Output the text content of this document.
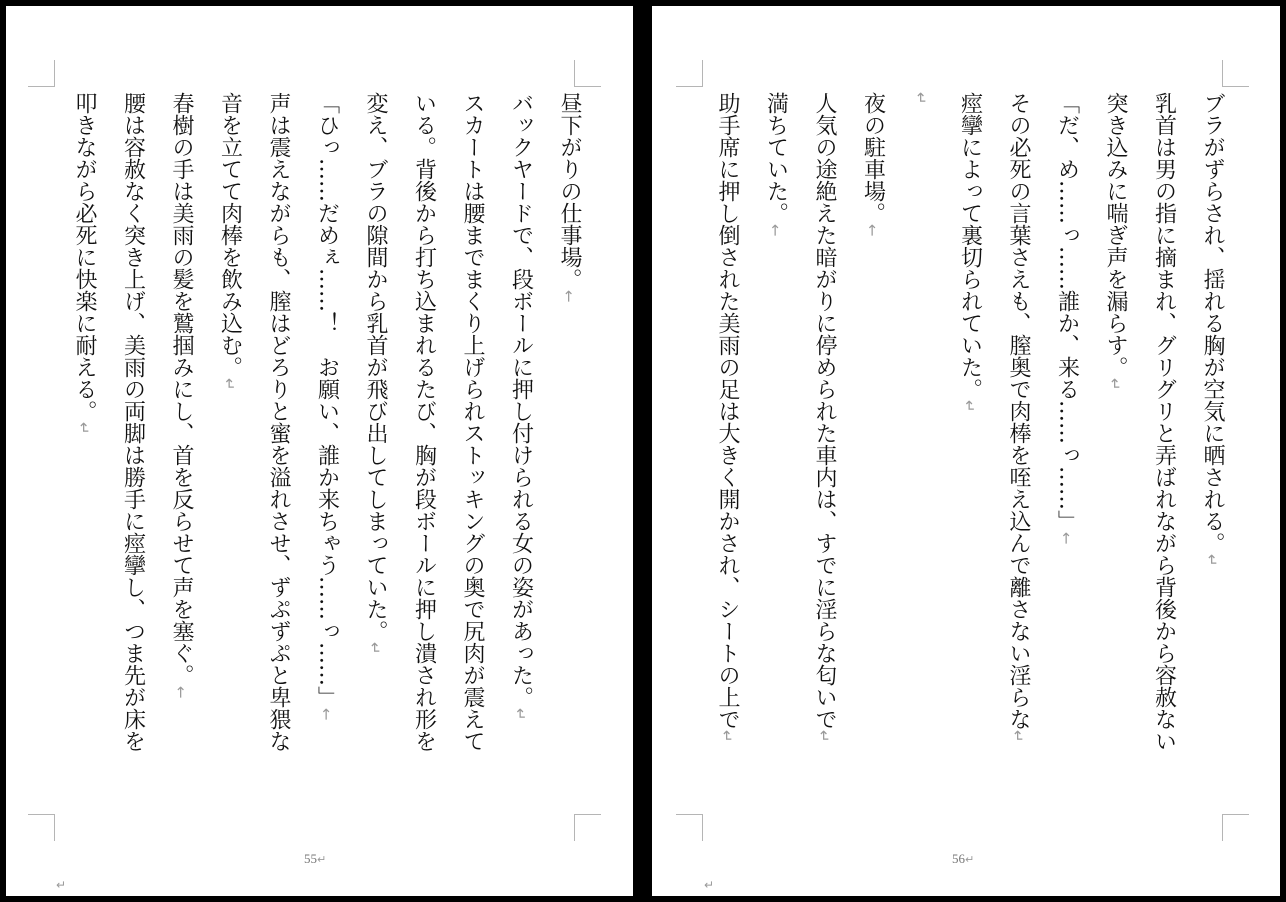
昼下がりの仕事場。←
バックヤードで、段ボールに押し付けられる女の姿があった。↵
スカートは腰までまくり上げられストッキングの奥で尻肉が震えて
いる。背後から打ち込まれるたび、胸が段ボールに押し潰され形を
変え、ブラの隙間から乳首が飛び出してしまっていた。↵
「ひっ……だめぇ……！　お願い、誰か来ちゃう……っ……」←
声は震えながらも、膣はどろりと蜜を溢れさせ、ずぷずぷと卑猥な
音を立てて肉棒を飲み込む。↵
春樹の手は美雨の髪を鷲掴みにし、首を反らせて声を塞ぐ。←
腰は容赦なく突き上げ、美雨の両脚は勝手に痙攣し、つま先が床を
叩きながら必死に快楽に耐える。↵
55↵
↵
ブラがずらされ、揺れる胸が空気に晒される。↵
乳首は男の指に摘まれ、グリグリと弄ばれながら背後から容赦ない
突き込みに喘ぎ声を漏らす。↵
「だ、め……っ……誰か、来る……っ……」←
その必死の言葉さえも、膣奥で肉棒を咥え込んで離さない淫らな↵
痙攣によって裏切られていた。↵
↵
夜の駐車場。←
人気の途絶えた暗がりに停められた車内は、すでに淫らな匂いで↵
満ちていた。←
助手席に押し倒された美雨の足は大きく開かされ、シートの上で↵
56↵
↵
